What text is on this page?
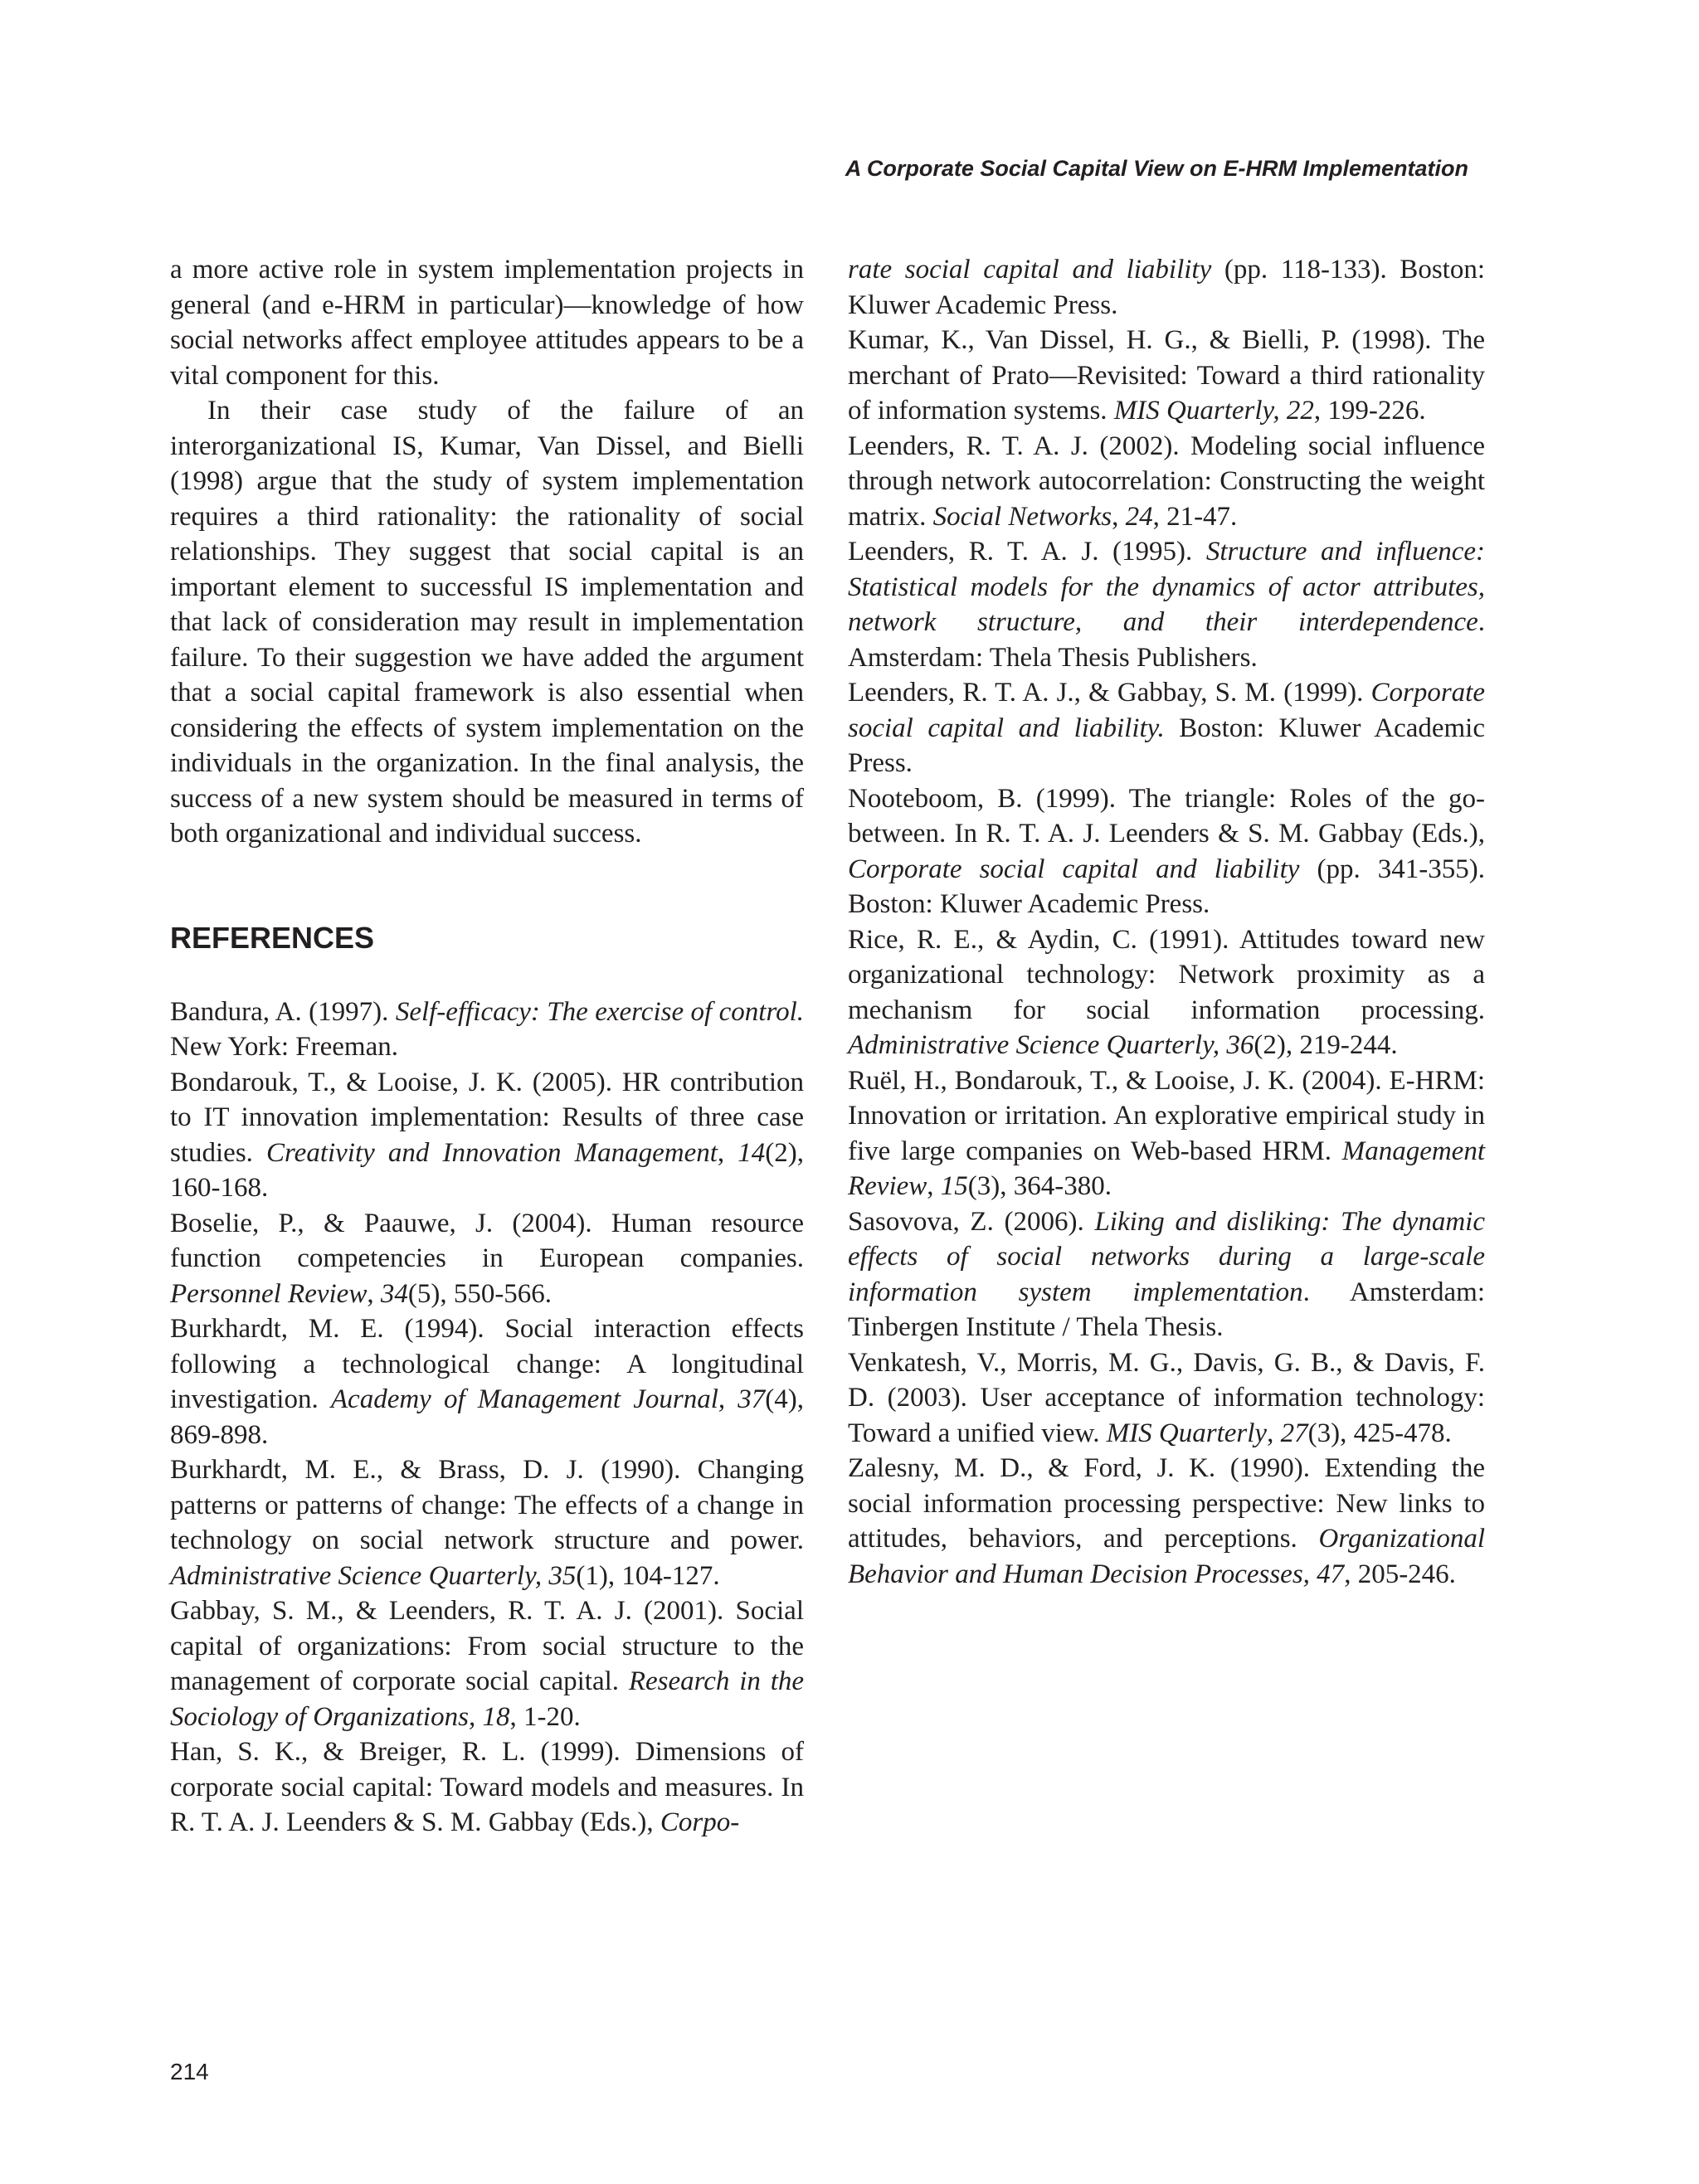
A Corporate Social Capital View on E-HRM Implementation

a more active role in system implementation projects in general (and e-HRM in particular)—knowledge of how social networks affect employee attitudes appears to be a vital component for this.

In their case study of the failure of an interorganizational IS, Kumar, Van Dissel, and Bielli (1998) argue that the study of system implementation requires a third rationality: the rationality of social relationships. They suggest that social capital is an important element to successful IS implementation and that lack of consideration may result in implementation failure. To their suggestion we have added the argument that a social capital framework is also essential when considering the effects of system implementation on the individuals in the organization. In the final analysis, the success of a new system should be measured in terms of both organizational and individual success.

REFERENCES

Bandura, A. (1997). Self-efficacy: The exercise of control. New York: Freeman.

Bondarouk, T., & Looise, J. K. (2005). HR contribution to IT innovation implementation: Results of three case studies. Creativity and Innovation Management, 14(2), 160-168.

Boselie, P., & Paauwe, J. (2004). Human resource function competencies in European companies. Personnel Review, 34(5), 550-566.

Burkhardt, M. E. (1994). Social interaction effects following a technological change: A longitudinal investigation. Academy of Management Journal, 37(4), 869-898.

Burkhardt, M. E., & Brass, D. J. (1990). Changing patterns or patterns of change: The effects of a change in technology on social network structure and power. Administrative Science Quarterly, 35(1), 104-127.

Gabbay, S. M., & Leenders, R. T. A. J. (2001). Social capital of organizations: From social structure to the management of corporate social capital. Research in the Sociology of Organizations, 18, 1-20.

Han, S. K., & Breiger, R. L. (1999). Dimensions of corporate social capital: Toward models and measures. In R. T. A. J. Leenders & S. M. Gabbay (Eds.), Corpo-

rate social capital and liability (pp. 118-133). Boston: Kluwer Academic Press.

Kumar, K., Van Dissel, H. G., & Bielli, P. (1998). The merchant of Prato—Revisited: Toward a third rationality of information systems. MIS Quarterly, 22, 199-226.

Leenders, R. T. A. J. (2002). Modeling social influence through network autocorrelation: Constructing the weight matrix. Social Networks, 24, 21-47.

Leenders, R. T. A. J. (1995). Structure and influence: Statistical models for the dynamics of actor attributes, network structure, and their interdependence. Amsterdam: Thela Thesis Publishers.

Leenders, R. T. A. J., & Gabbay, S. M. (1999). Corporate social capital and liability. Boston: Kluwer Academic Press.

Nooteboom, B. (1999). The triangle: Roles of the go-between. In R. T. A. J. Leenders & S. M. Gabbay (Eds.), Corporate social capital and liability (pp. 341-355). Boston: Kluwer Academic Press.

Rice, R. E., & Aydin, C. (1991). Attitudes toward new organizational technology: Network proximity as a mechanism for social information processing. Administrative Science Quarterly, 36(2), 219-244.

Ruël, H., Bondarouk, T., & Looise, J. K. (2004). E-HRM: Innovation or irritation. An explorative empirical study in five large companies on Web-based HRM. Management Review, 15(3), 364-380.

Sasovova, Z. (2006). Liking and disliking: The dynamic effects of social networks during a large-scale information system implementation. Amsterdam: Tinbergen Institute / Thela Thesis.

Venkatesh, V., Morris, M. G., Davis, G. B., & Davis, F. D. (2003). User acceptance of information technology: Toward a unified view. MIS Quarterly, 27(3), 425-478.

Zalesny, M. D., & Ford, J. K. (1990). Extending the social information processing perspective: New links to attitudes, behaviors, and perceptions. Organizational Behavior and Human Decision Processes, 47, 205-246.

214
